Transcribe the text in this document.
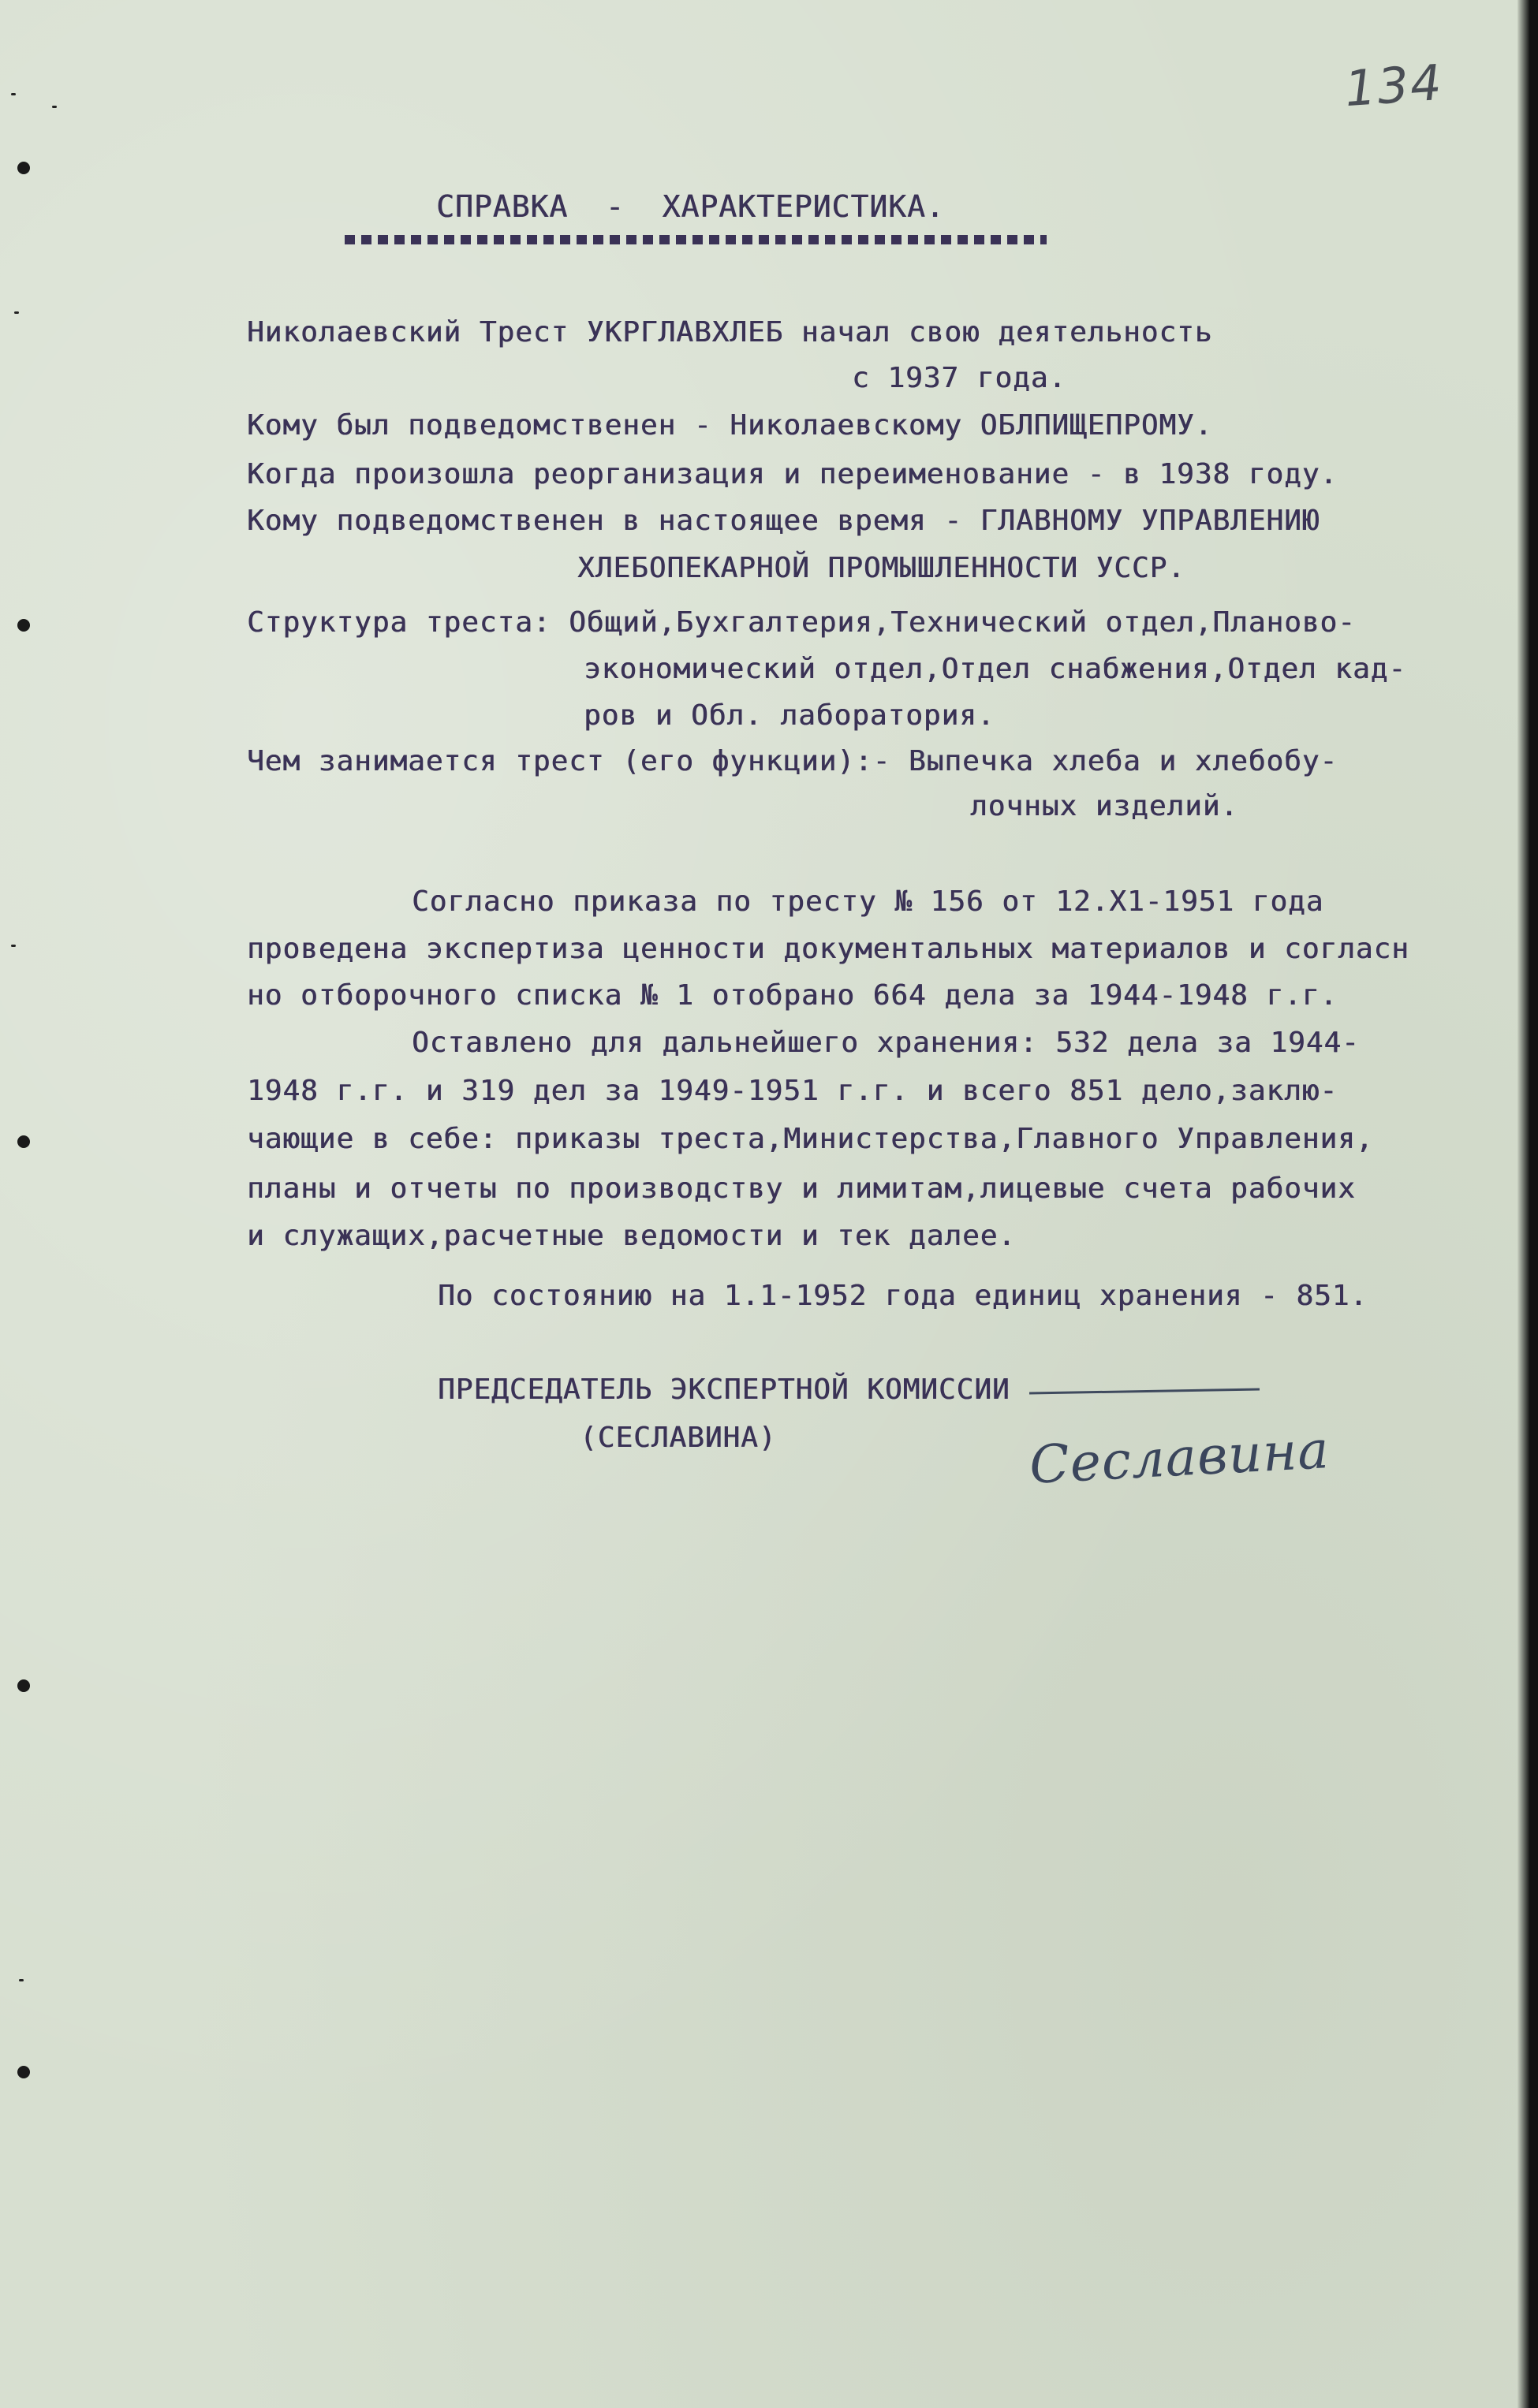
134
СПРАВКА  -  ХАРАКТЕРИСТИКА.
Николаевский Трест УКРГЛАВХЛЕБ начал свою деятельность
с 1937 года.
Кому был подведомственен - Николаевскому ОБЛПИЩЕПРОМУ.
Когда произошла реорганизация и переименование - в 1938 году.
Кому подведомственен в настоящее время - ГЛАВНОМУ УПРАВЛЕНИЮ
ХЛЕБОПЕКАРНОЙ ПРОМЫШЛЕННОСТИ УССР.
Структура треста: Общий,Бухгалтерия,Технический отдел,Планово-
экономический отдел,Отдел снабжения,Отдел кад-
ров и Обл. лаборатория.
Чем занимается трест (его функции):- Выпечка хлеба и хлебобу-
лочных изделий.
Согласно приказа по тресту № 156 от 12.Х1-1951 года
проведена экспертиза ценности документальных материалов и согласн
но отборочного списка № 1 отобрано 664 дела за 1944-1948 г.г.
Оставлено для дальнейшего хранения: 532 дела за 1944-
1948 г.г. и 319 дел за 1949-1951 г.г. и всего 851 дело,заклю-
чающие в себе: приказы треста,Министерства,Главного Управления,
планы и отчеты по производству и лимитам,лицевые счета рабочих
и служащих,расчетные ведомости и тек далее.
По состоянию на 1.1-1952 года единиц хранения - 851.
ПРЕДСЕДАТЕЛЬ ЭКСПЕРТНОЙ КОМИССИИ
(СЕСЛАВИНА)	Сеславина
